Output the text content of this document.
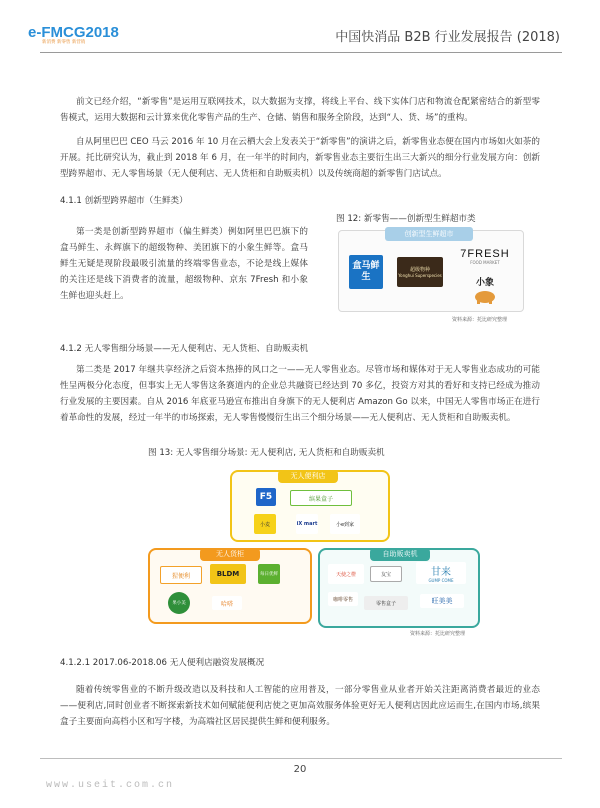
e-FMCG2018
新消费 新零售 新营销	中国快消品 B2B 行业发展报告 (2018)

前文已经介绍，“新零售”是运用互联网技术，以大数据为支撑，将线上平台、线下实体门店和物流仓配紧密结合的新型零售模式，运用大数据和云计算来优化零售产品的生产、仓储、销售和服务全阶段，达到“人、货、场”的重构。

自从阿里巴巴 CEO 马云 2016 年 10 月在云栖大会上发表关于“新零售”的演讲之后，新零售业态便在国内市场如火如荼的开展。托比研究认为，截止到 2018 年 6 月，在一年半的时间内，新零售业态主要衍生出三大新兴的细分行业发展方向：创新型跨界超市、无人零售场景（无人便利店、无人货柜和自助贩卖机）以及传统商超的新零售门店试点。

4.1.1 创新型跨界超市（生鲜类）

第一类是创新型跨界超市（偏生鲜类）例如阿里巴巴旗下的盒马鲜生、永辉旗下的超级物种、美团旗下的小象生鲜等。盒马鲜生无疑是现阶段最吸引流量的终端零售业态，不论是线上媒体的关注还是线下消费者的流量，超级物种、京东 7Fresh 和小象生鲜也迎头赶上。

图 12: 新零售——创新型生鲜超市类
创新型生鲜超市
盒马鲜生
超级物种
Yonghui Superspecies
7FRESH
FOOD MARKET
小象
资料来源：托比研究整理
4.1.2 无人零售细分场景——无人便利店、无人货柜、自助贩卖机

第二类是 2017 年继共享经济之后资本热捧的风口之一——无人零售业态。尽管市场和媒体对于无人零售业态成功的可能性呈两极分化态度，但事实上无人零售这条赛道内的企业总共融资已经达到 70 多亿，投资方对其的看好和支持已经成为推动行业发展的主要因素。自从 2016 年底亚马逊宣布推出自身旗下的无人便利店 Amazon Go 以来，中国无人零售市场正在进行着革命性的发展，经过一年半的市场探索，无人零售慢慢衍生出三个细分场景——无人便利店、无人货柜和自助贩卖机。

图 13: 无人零售细分场景: 无人便利店, 无人货柜和自助贩卖机
无人便利店
F5	缤果盒子
小麦	iX mart	小e到家
无人货柜
猩便利	BLDM	每日优鲜
果小美	哈嗒
自助贩卖机
天使之橙	友宝	甘来
GUMP COME
咖啡零售
零售盒子	旺美美
资料来源：托比研究整理
4.1.2.1 2017.06-2018.06 无人便利店融资发展概况

随着传统零售业的不断升级改造以及科技和人工智能的应用普及，一部分零售业从业者开始关注距离消费者最近的业态——便利店,同时创业者不断探索新技术如何赋能便利店使之更加高效服务体验更好无人便利店因此应运而生,在国内市场,缤果盒子主要面向高档小区和写字楼，为高端社区居民提供生鲜和便利服务。

20
www.useit.com.cn
